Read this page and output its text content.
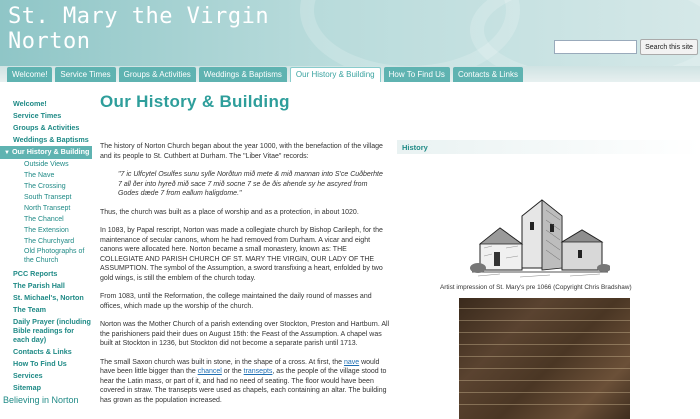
St. Mary the Virgin
Norton	Search this site
Welcome!	Service Times	Groups & Activities	Weddings & Baptisms	Our History & Building	How To Find Us	Contacts & Links
Welcome!
Service Times
Groups & Activities
Weddings & Baptisms
▼ Our History & Building
Outside Views
The Nave
The Crossing
South Transept
North Transept
The Chancel
The Extension
The Churchyard
Old Photographs of the Church
PCC Reports
The Parish Hall
St. Michael's, Norton
The Team
Daily Prayer (including Bible readings for each day)
Contacts & Links
How To Find Us
Services
Sitemap
Believing in Norton
Our History & Building

The history of Norton Church began about the year 1000, with the benefaction of the village and its people to St. Cuthbert at Durham. The "Liber Vitae" records:

"7 ic Ulfcytel Osulfes sunu sylle Norðtun mið mete & mið mannan into S'ce Cuðberhte 7 all ðer into hyreð mið sace 7 mið socne 7 se ðe ðis ahende sy he ascyred from Godes dæde 7 from eallum haligdome."

Thus, the church was built as a place of worship and as a protection, in about 1020.

In 1083, by Papal rescript, Norton was made a collegiate church by Bishop Carileph, for the maintenance of secular canons, whom he had removed from Durham. A vicar and eight canons were allocated here. Norton became a small monastery, known as: THE COLLEGIATE AND PARISH CHURCH OF ST. MARY THE VIRGIN, OUR LADY OF THE ASSUMPTION. The symbol of the Assumption, a sword transfixing a heart, enfolded by two gold wings, is still the emblem of the church today.

From 1083, until the Reformation, the college maintained the daily round of masses and offices, which made up the worship of the church.

Norton was the Mother Church of a parish extending over Stockton, Preston and Hartburn. All the parishioners paid their dues on August 15th: the Feast of the Assumption. A chapel was built at Stockton in 1236, but Stockton did not become a separate parish until 1713.

The small Saxon church was built in stone, in the shape of a cross. At first, the nave would have been little bigger than the chancel or the transepts, as the people of the village stood to hear the Latin mass, or part of it, and had no need of seating. The floor would have been covered in straw. The transepts were used as chapels, each containing an altar. The building has grown as the population increased.

History
Artist impression of St. Mary's pre 1066 (Copyright Chris Bradshaw)
